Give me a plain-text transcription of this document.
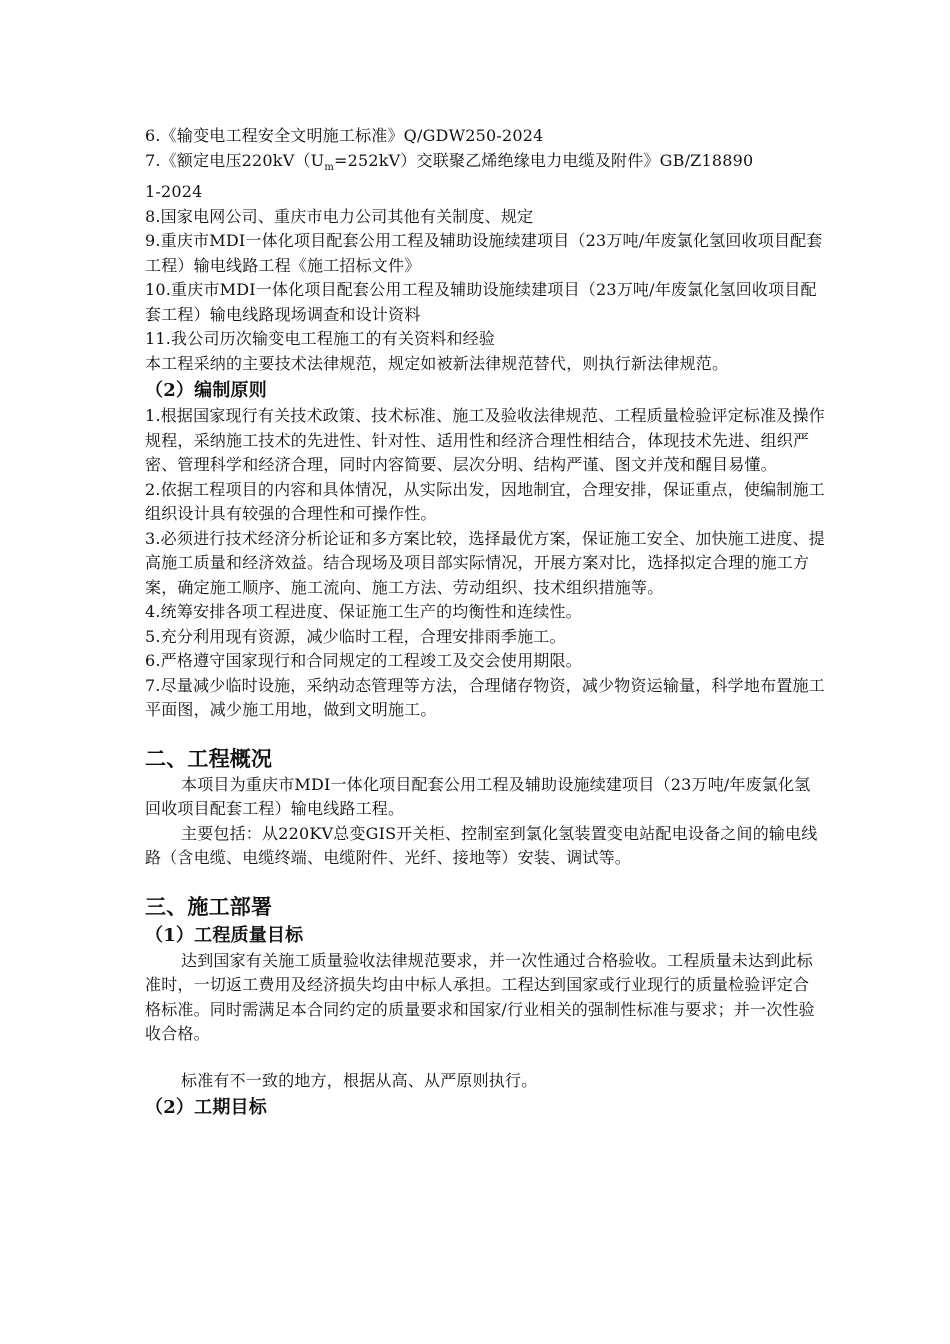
6.《输变电工程安全文明施工标准》Q/GDW250-2024

7.《额定电压$220kV(U_m=252kV)$交联聚乙烯绝缘电力电缆及附件》GB/Z18890
1-2024

8.国家电网公司、重庆市电力公司其他有关制度、规定

9.重庆市MDI一体化项目配套公用工程及辅助设施续建项目（23万吨/年废氯化氢回收项目配套工程）输电线路工程《施工招标文件》

10.重庆市MDI一体化项目配套公用工程及辅助设施续建项目（23万吨/年废氯化氢回收项目配套工程）输电线路现场调查和设计资料

11.我公司历次输变电工程施工的有关资料和经验

本工程采纳的主要技术法律规范，规定如被新法律规范替代，则执行新法律规范。

（2）编制原则

1.根据国家现行有关技术政策、技术标准、施工及验收法律规范、工程质量检验评定标准及操作规程，采纳施工技术的先进性、针对性、适用性和经济合理性相结合，体现技术先进、组织严密、管理科学和经济合理，同时内容简要、层次分明、结构严谨、图文并茂和醒目易懂。

2.依据工程项目的内容和具体情况，从实际出发，因地制宜，合理安排，保证重点，使编制施工组织设计具有较强的合理性和可操作性。

3.必须进行技术经济分析论证和多方案比较，选择最优方案，保证施工安全、加快施工进度、提高施工质量和经济效益。结合现场及项目部实际情况，开展方案对比，选择拟定合理的施工方案，确定施工顺序、施工流向、施工方法、劳动组织、技术组织措施等。

4.统筹安排各项工程进度、保证施工生产的均衡性和连续性。

5.充分利用现有资源，减少临时工程，合理安排雨季施工。

6.严格遵守国家现行和合同规定的工程竣工及交会使用期限。

7.尽量减少临时设施，采纳动态管理等方法，合理储存物资，减少物资运输量，科学地布置施工平面图，减少施工用地，做到文明施工。

二、工程概况

本项目为重庆市MDI一体化项目配套公用工程及辅助设施续建项目（23万吨/年废氯化氢回收项目配套工程）输电线路工程。

主要包括：从220KV总变GIS开关柜、控制室到氯化氢装置变电站配电设备之间的输电线路（含电缆、电缆终端、电缆附件、光纤、接地等）安装、调试等。

三、施工部署

（1）工程质量目标

达到国家有关施工质量验收法律规范要求，并一次性通过合格验收。工程质量未达到此标准时，一切返工费用及经济损失均由中标人承担。工程达到国家或行业现行的质量检验评定合格标准。同时需满足本合同约定的质量要求和国家/行业相关的强制性标准与要求；并一次性验收合格。

标准有不一致的地方，根据从高、从严原则执行。

（2）工期目标
